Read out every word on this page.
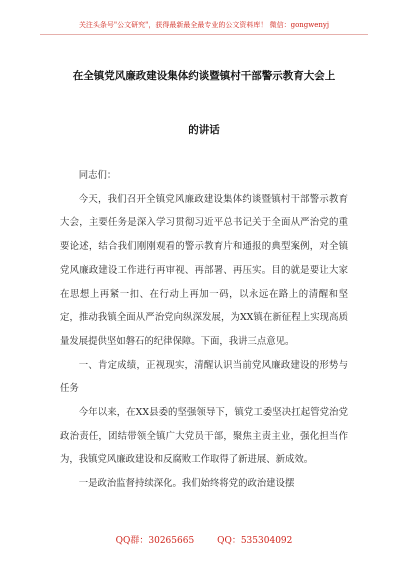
关注头条号"公文研究"，获得最新最全最专业的公文资料库！ 微信：gongwenyj
在全镇党风廉政建设集体约谈暨镇村干部警示教育大会上
的讲话

同志们：

今天，我们召开全镇党风廉政建设集体约谈暨镇村干部警示教育大会，主要任务是深入学习贯彻习近平总书记关于全面从严治党的重要论述，结合我们刚刚观看的警示教育片和通报的典型案例，对全镇党风廉政建设工作进行再审视、再部署、再压实。目的就是要让大家在思想上再紧一扣、在行动上再加一码，以永远在路上的清醒和坚定，推动我镇全面从严治党向纵深发展，为XX镇在新征程上实现高质量发展提供坚如磐石的纪律保障。下面，我讲三点意见。

一、肯定成绩，正视现实，清醒认识当前党风廉政建设的形势与任务

今年以来，在XX县委的坚强领导下，镇党工委坚决扛起管党治党政治责任，团结带领全镇广大党员干部，聚焦主责主业，强化担当作为，我镇党风廉政建设和反腐败工作取得了新进展、新成效。

一是政治监督持续深化。我们始终将党的政治建设摆

QQ群：30265665	QQ：535304092
